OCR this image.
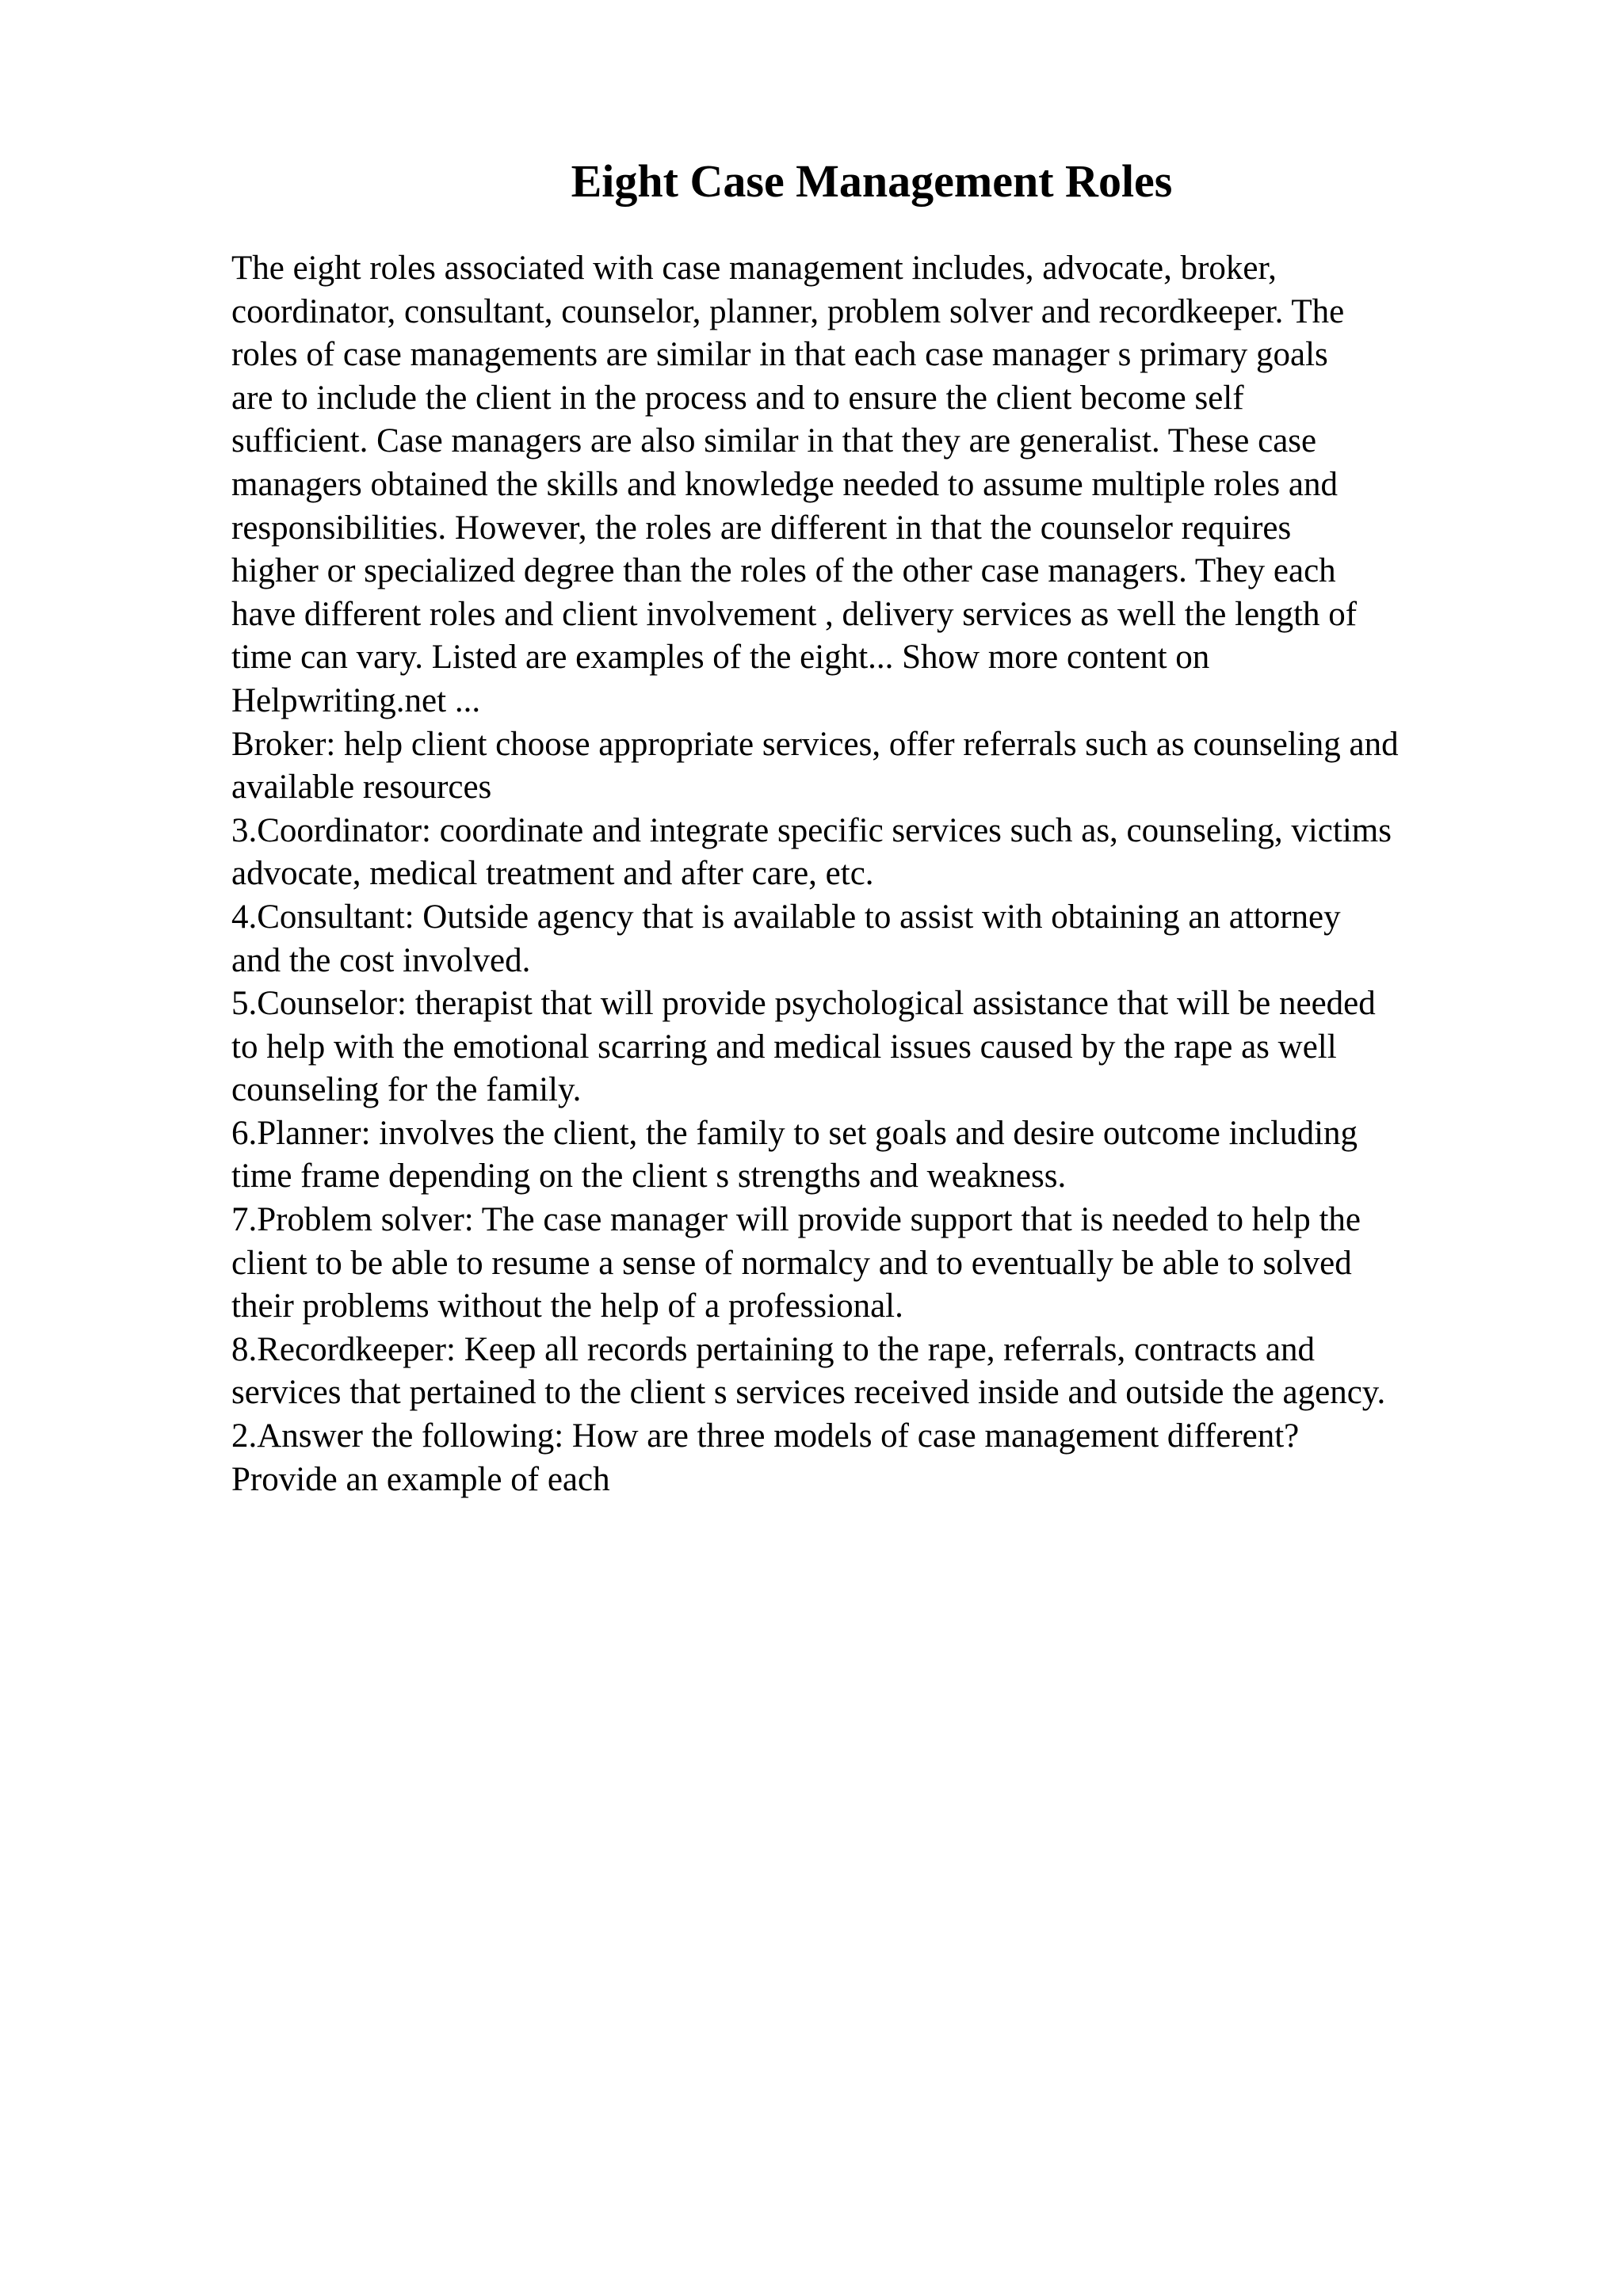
Eight Case Management Roles
The eight roles associated with case management includes, advocate, broker,
coordinator, consultant, counselor, planner, problem solver and recordkeeper. The
roles of case managements are similar in that each case manager s primary goals
are to include the client in the process and to ensure the client become self
sufficient. Case managers are also similar in that they are generalist. These case
managers obtained the skills and knowledge needed to assume multiple roles and
responsibilities. However, the roles are different in that the counselor requires
higher or specialized degree than the roles of the other case managers. They each
have different roles and client involvement , delivery services as well the length of
time can vary. Listed are examples of the eight... Show more content on
Helpwriting.net ...
Broker: help client choose appropriate services, offer referrals such as counseling and
available resources
3.Coordinator: coordinate and integrate specific services such as, counseling, victims
advocate, medical treatment and after care, etc.
4.Consultant: Outside agency that is available to assist with obtaining an attorney
and the cost involved.
5.Counselor: therapist that will provide psychological assistance that will be needed
to help with the emotional scarring and medical issues caused by the rape as well
counseling for the family.
6.Planner: involves the client, the family to set goals and desire outcome including
time frame depending on the client s strengths and weakness.
7.Problem solver: The case manager will provide support that is needed to help the
client to be able to resume a sense of normalcy and to eventually be able to solved
their problems without the help of a professional.
8.Recordkeeper: Keep all records pertaining to the rape, referrals, contracts and
services that pertained to the client s services received inside and outside the agency.
2.Answer the following: How are three models of case management different?
Provide an example of each
